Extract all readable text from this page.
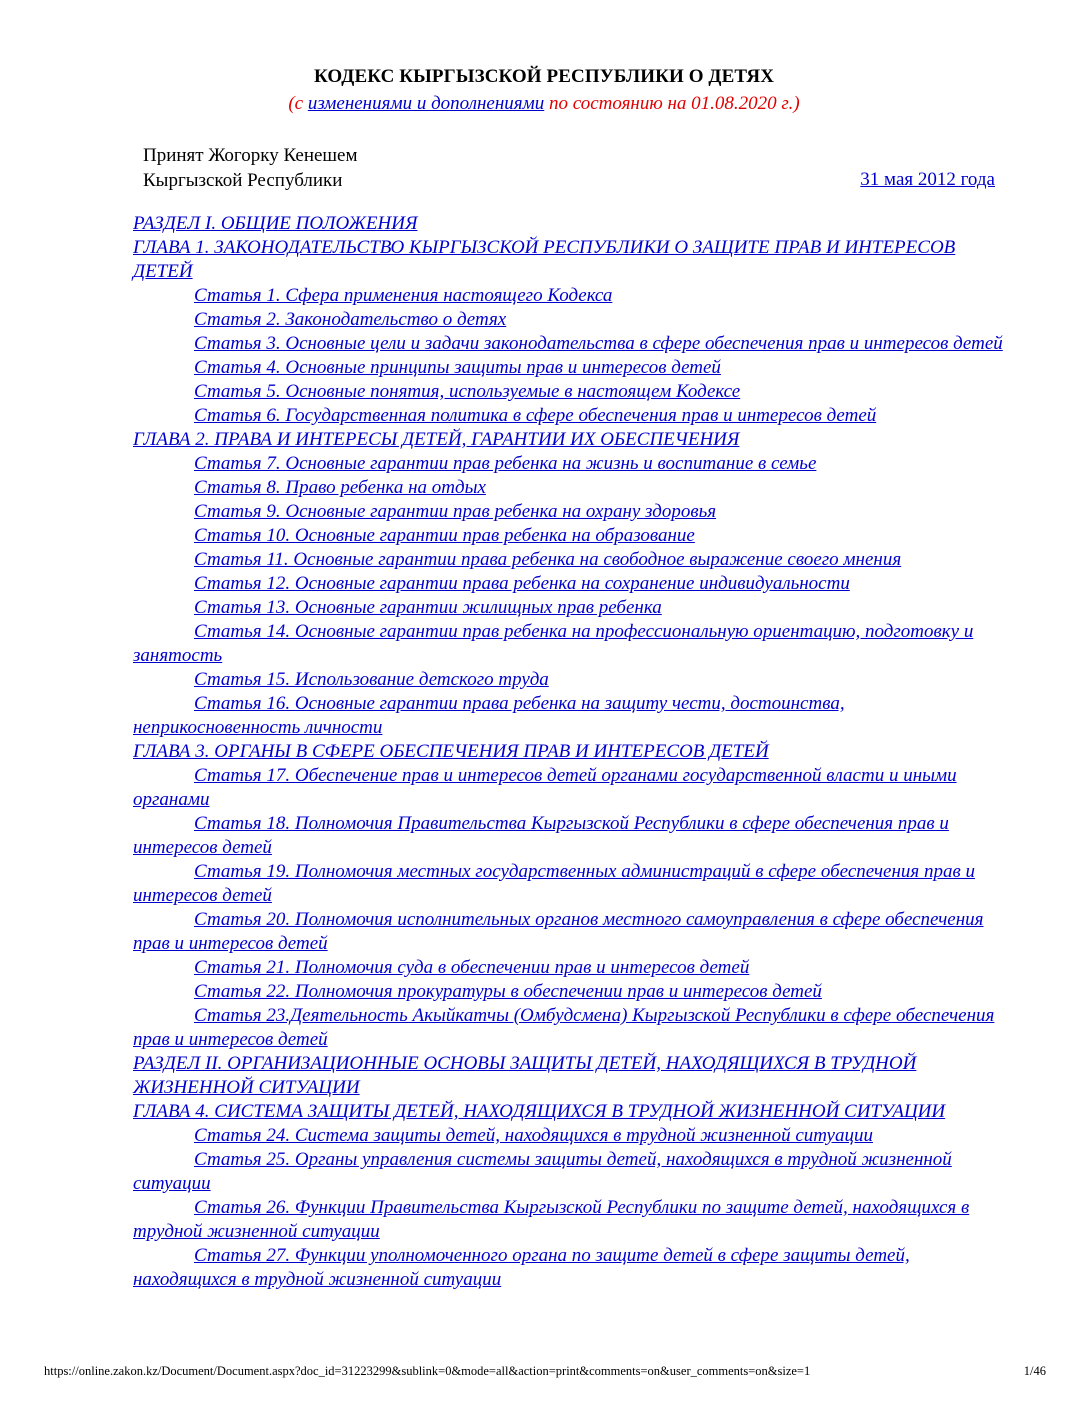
КОДЕКС КЫРГЫЗСКОЙ РЕСПУБЛИКИ О ДЕТЯХ
(с изменениями и дополнениями по состоянию на 01.08.2020 г.)
Принят Жогорку Кенешем
Кыргызской Республики	31 мая 2012 года
РАЗДЕЛ I. ОБЩИЕ ПОЛОЖЕНИЯ
ГЛАВА 1. ЗАКОНОДАТЕЛЬСТВО КЫРГЫЗСКОЙ РЕСПУБЛИКИ О ЗАЩИТЕ ПРАВ И ИНТЕРЕСОВ ДЕТЕЙ
Статья 1. Сфера применения настоящего Кодекса
Статья 2. Законодательство о детях
Статья 3. Основные цели и задачи законодательства в сфере обеспечения прав и интересов детей
Статья 4. Основные принципы защиты прав и интересов детей
Статья 5. Основные понятия, используемые в настоящем Кодексе
Статья 6. Государственная политика в сфере обеспечения прав и интересов детей
ГЛАВА 2. ПРАВА И ИНТЕРЕСЫ ДЕТЕЙ, ГАРАНТИИ ИХ ОБЕСПЕЧЕНИЯ
Статья 7. Основные гарантии прав ребенка на жизнь и воспитание в семье
Статья 8. Право ребенка на отдых
Статья 9. Основные гарантии прав ребенка на охрану здоровья
Статья 10. Основные гарантии прав ребенка на образование
Статья 11. Основные гарантии права ребенка на свободное выражение своего мнения
Статья 12. Основные гарантии права ребенка на сохранение индивидуальности
Статья 13. Основные гарантии жилищных прав ребенка
Статья 14. Основные гарантии прав ребенка на профессиональную ориентацию, подготовку и занятость
Статья 15. Использование детского труда
Статья 16. Основные гарантии права ребенка на защиту чести, достоинства, неприкосновенность личности
ГЛАВА 3. ОРГАНЫ В СФЕРЕ ОБЕСПЕЧЕНИЯ ПРАВ И ИНТЕРЕСОВ ДЕТЕЙ
Статья 17. Обеспечение прав и интересов детей органами государственной власти и иными органами
Статья 18. Полномочия Правительства Кыргызской Республики в сфере обеспечения прав и интересов детей
Статья 19. Полномочия местных государственных администраций в сфере обеспечения прав и интересов детей
Статья 20. Полномочия исполнительных органов местного самоуправления в сфере обеспечения прав и интересов детей
Статья 21. Полномочия суда в обеспечении прав и интересов детей
Статья 22. Полномочия прокуратуры в обеспечении прав и интересов детей
Статья 23.Деятельность Акыйкатчы (Омбудсмена) Кыргызской Республики в сфере обеспечения прав и интересов детей
РАЗДЕЛ II. ОРГАНИЗАЦИОННЫЕ ОСНОВЫ ЗАЩИТЫ ДЕТЕЙ, НАХОДЯЩИХСЯ В ТРУДНОЙ ЖИЗНЕННОЙ СИТУАЦИИ
ГЛАВА 4. СИСТЕМА ЗАЩИТЫ ДЕТЕЙ, НАХОДЯЩИХСЯ В ТРУДНОЙ ЖИЗНЕННОЙ СИТУАЦИИ
Статья 24. Система защиты детей, находящихся в трудной жизненной ситуации
Статья 25. Органы управления системы защиты детей, находящихся в трудной жизненной ситуации
Статья 26. Функции Правительства Кыргызской Республики по защите детей, находящихся в трудной жизненной ситуации
Статья 27. Функции уполномоченного органа по защите детей в сфере защиты детей, находящихся в трудной жизненной ситуации
https://online.zakon.kz/Document/Document.aspx?doc_id=31223299&sublink=0&mode=all&action=print&comments=on&user_comments=on&size=1	1/46
